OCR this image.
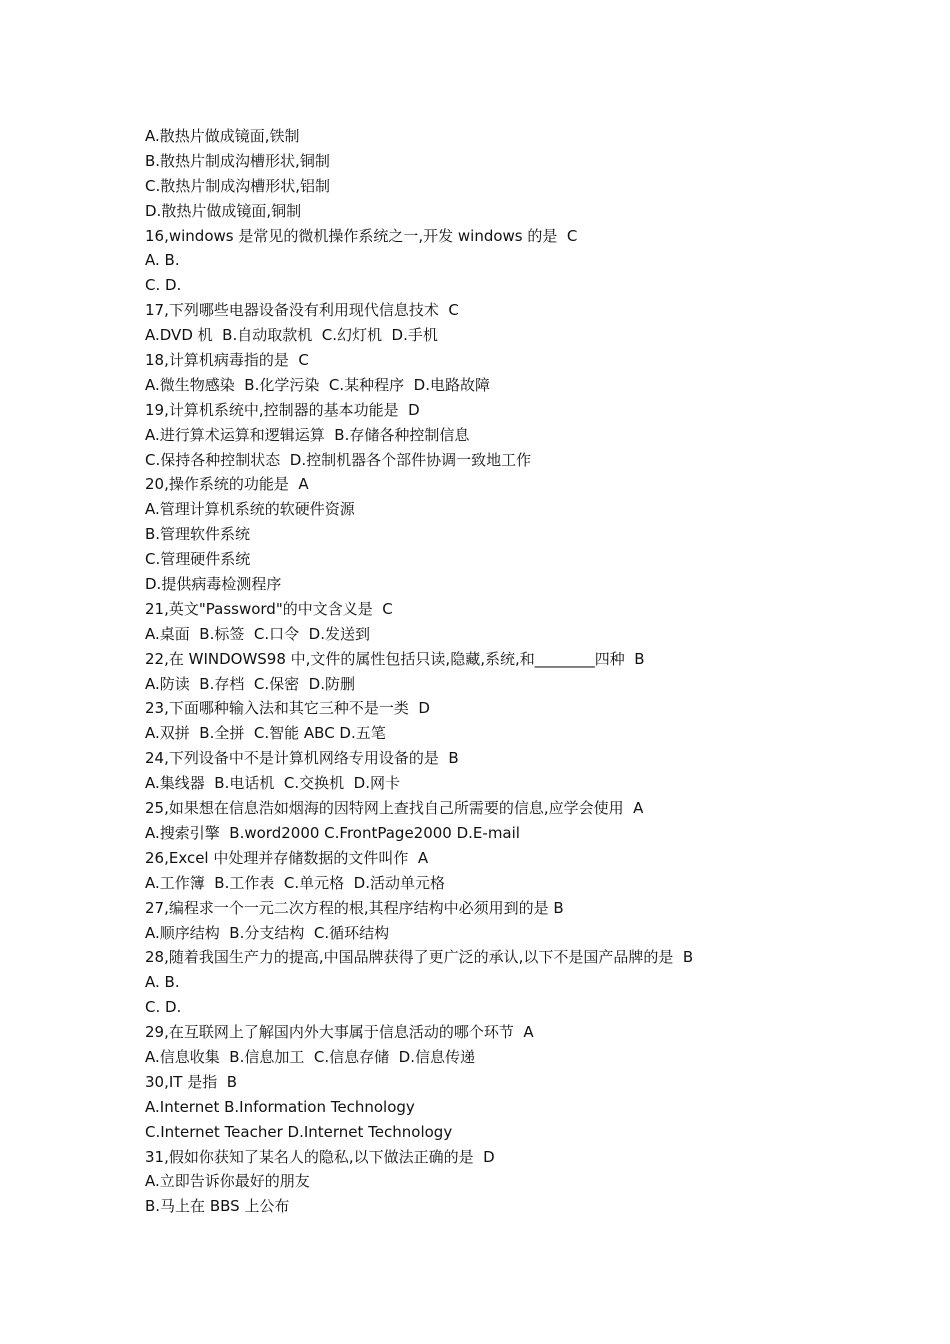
A.散热片做成镜面,铁制
B.散热片制成沟槽形状,铜制
C.散热片制成沟槽形状,铝制
D.散热片做成镜面,铜制
16,windows 是常见的微机操作系统之一,开发 windows 的是  C
A. B.
C. D.
17,下列哪些电器设备没有利用现代信息技术  C
A.DVD 机  B.自动取款机  C.幻灯机  D.手机
18,计算机病毒指的是  C
A.微生物感染  B.化学污染  C.某种程序  D.电路故障
19,计算机系统中,控制器的基本功能是  D
A.进行算术运算和逻辑运算  B.存储各种控制信息
C.保持各种控制状态  D.控制机器各个部件协调一致地工作
20,操作系统的功能是  A
A.管理计算机系统的软硬件资源
B.管理软件系统
C.管理硬件系统
D.提供病毒检测程序
21,英文"Password"的中文含义是  C
A.桌面  B.标签  C.口令  D.发送到
22,在 WINDOWS98 中,文件的属性包括只读,隐藏,系统,和________四种  B
A.防读  B.存档  C.保密  D.防删
23,下面哪种输入法和其它三种不是一类  D
A.双拼  B.全拼  C.智能 ABC D.五笔
24,下列设备中不是计算机网络专用设备的是  B
A.集线器  B.电话机  C.交换机  D.网卡
25,如果想在信息浩如烟海的因特网上查找自己所需要的信息,应学会使用  A
A.搜索引擎  B.word2000 C.FrontPage2000 D.E-mail
26,Excel 中处理并存储数据的文件叫作  A
A.工作簿  B.工作表  C.单元格  D.活动单元格
27,编程求一个一元二次方程的根,其程序结构中必须用到的是 B
A.顺序结构  B.分支结构  C.循环结构
28,随着我国生产力的提高,中国品牌获得了更广泛的承认,以下不是国产品牌的是  B
A. B.
C. D.
29,在互联网上了解国内外大事属于信息活动的哪个环节  A
A.信息收集  B.信息加工  C.信息存储  D.信息传递
30,IT 是指  B
A.Internet B.Information Technology
C.Internet Teacher D.Internet Technology
31,假如你获知了某名人的隐私,以下做法正确的是  D
A.立即告诉你最好的朋友
B.马上在 BBS 上公布
